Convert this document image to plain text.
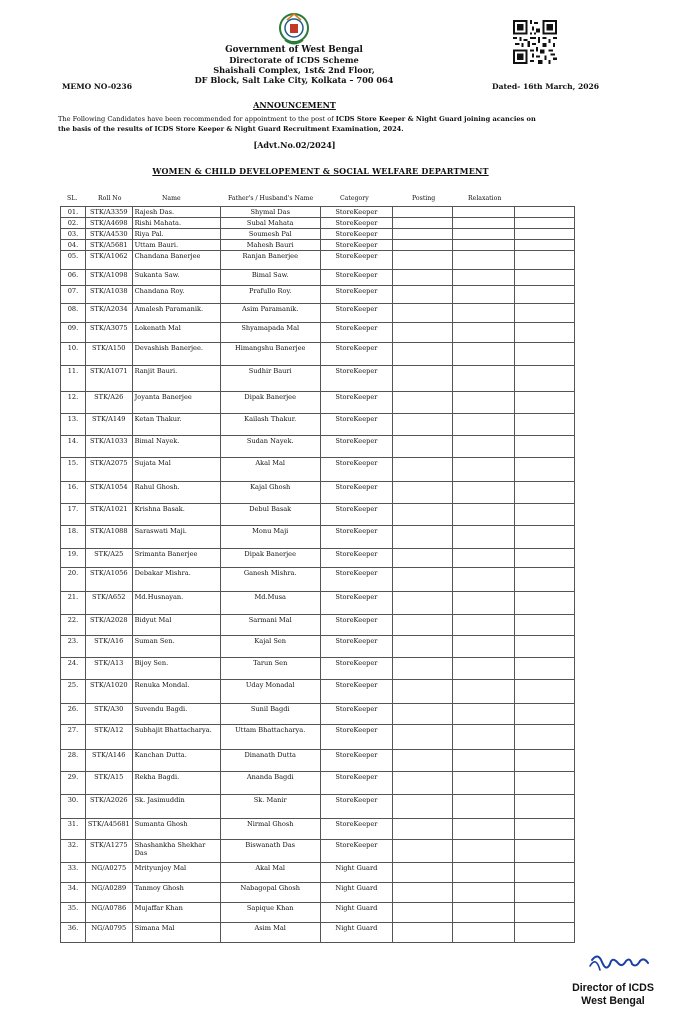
Government of West Bengal
Directorate of ICDS Scheme
Shaishali Complex, 1st& 2nd Floor,
DF Block, Salt Lake City, Kolkata – 700 064
MEMO NO-0236	Dated- 16th March, 2026
ANNOUNCEMENT
The Following Candidates have been recommended for appointment to the post of ICDS Store Keeper & Night Guard joining acancies on
the basis of the results of ICDS Store Keeper & Night Guard Recruitment Examination, 2024.
[Advt.No.02/2024]
WOMEN & CHILD DEVELOPEMENT & SOCIAL WELFARE DEPARTMENT
SL.	Roll No	Name	Father's / Husband's Name	Category	Posting	Relaxation
01.	STK/A3359	Rajesh Das.	Shymal Das	StoreKeeper			

02.	STK/A4698	Rishi Mahata.	Subal Mahata	StoreKeeper			

03.	STK/A4530	Riya Pal.	Soumesh Pal	StoreKeeper			

04.	STK/A5681	Uttam Bauri.	Mahesh Bauri	StoreKeeper			

05.	STK/A1062	Chandana Banerjee	Ranjan Banerjee	StoreKeeper			

06.	STK/A1098	Sukanta Saw.	Bimal Saw.	StoreKeeper			

07.	STK/A1038	Chandana Roy.	Prafullo Roy.	StoreKeeper			

08.	STK/A2034	Amalesh Paramanik.	Asim Paramanik.	StoreKeeper			

09.	STK/A3075	Lokenath Mal	Shyamapada Mal	StoreKeeper			

10.	STK/A150	Devashish Banerjee.	Himangshu Banerjee	StoreKeeper			

11.	STK/A1071	Ranjit Bauri.	Sudhir Bauri	StoreKeeper			

12.	STK/A26	Joyanta Banerjee	Dipak Banerjee	StoreKeeper			

13.	STK/A149	Ketan Thakur.	Kailash Thakur.	StoreKeeper			

14.	STK/A1033	Bimal Nayek.	Sudan Nayek.	StoreKeeper			

15.	STK/A2075	Sujata Mal	Akal Mal	StoreKeeper			

16.	STK/A1054	Rahul Ghosh.	Kajal Ghosh	StoreKeeper			

17.	STK/A1021	Krishna Basak.	Debul Basak	StoreKeeper			

18.	STK/A1088	Saraswati Maji.	Monu Maji	StoreKeeper			

19.	STK/A25	Srimanta Banerjee	Dipak Banerjee	StoreKeeper			

20.	STK/A1056	Debakar Mishra.	Ganesh Mishra.	StoreKeeper			

21.	STK/A652	Md.Husnayan.	Md.Musa	StoreKeeper			

22.	STK/A2028	Bidyut Mal	Sarmani Mal	StoreKeeper			

23.	STK/A16	Suman Sen.	Kajal Sen	StoreKeeper			

24.	STK/A13	Bijoy Sen.	Tarun Sen	StoreKeeper			

25.	STK/A1020	Renuka Mondal.	Uday Monadal	StoreKeeper			

26.	STK/A30	Suvendu Bagdi.	Sunil Bagdi	StoreKeeper			

27.	STK/A12	Subhajit Bhattacharya.	Uttam Bhattacharya.	StoreKeeper			

28.	STK/A146	Kanchan Dutta.	Dinanath Dutta	StoreKeeper			

29.	STK/A15	Rekha Bagdi.	Ananda Bagdi	StoreKeeper			

30.	STK/A2026	Sk. Jasimuddin	Sk. Manir	StoreKeeper			

31.	STK/A45681	Sumanta Ghosh	Nirmal Ghosh	StoreKeeper			

32.	STK/A1275	Shashankha Shekhar Das	Biswanath Das	StoreKeeper			

33.	NG/A0275	Mrityunjoy Mal	Akal Mal	Night Guard			

34.	NG/A0289	Tanmoy Ghosh	Nabagopal Ghosh	Night Guard			

35.	NG/A0786	Mujaffar Khan	Sapique Khan	Night Guard			

36.	NG/A0795	Simana Mal	Asim Mal	Night Guard			

Director of ICDS
West Bengal
